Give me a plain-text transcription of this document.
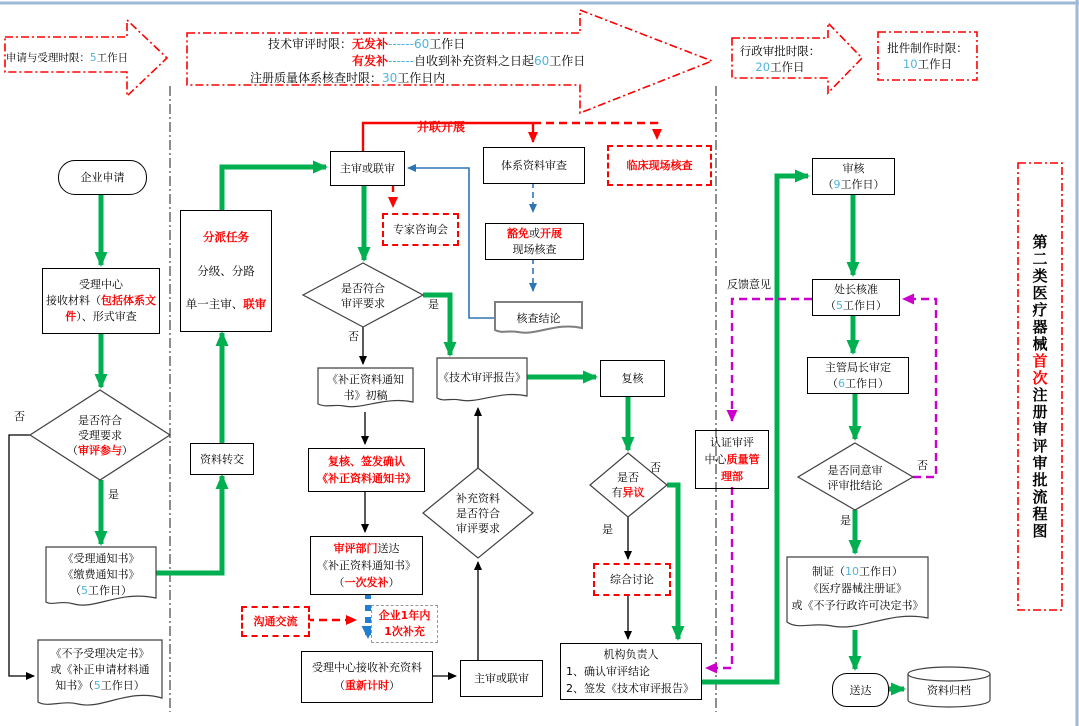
申请与受理时限：5工作日
技术审评时限：无发补------60工作日
有发补------自收到补充资料之日起60工作日
注册质量体系核查时限：30工作日内
行政审批时限：
20工作日
批件制作时限：
10工作日
企业申请
受理中心
接收材料（包括体系文
件）、形式审查
是否符合
受理要求
（审评参与）
否
是
《受理通知书》
《缴费通知书》
（5工作日）
《不予受理决定书》
或《补正申请材料通
知书》（5工作日）
分派任务
分级、分路
单一主审、联审
资料转交
主审或联审
并联开展
体系资料审查	临床现场核查
专家咨询会	豁免或开展
现场核查
核查结论
是否符合
审评要求	是
否
《补正资料通知
书》初稿
复核、签发确认
《补正资料通知书》
审评部门送达
《补正资料通知书》
（一次发补）
沟通交流	企业1年内
1次补充
受理中心接收补充资料
（重新计时）
主审或联审
补充资料
是否符合
审评要求
《技术审评报告》	复核
是否
有异议
否
是
综合讨论
机构负责人
1、确认审评结论
2、签发《技术审评报告》
审核
（9工作日）
处长核准
（5工作日）
主管局长审定
（6工作日）
是否同意审
评审批结论
否
是
制证（10工作日）
《医疗器械注册证》
或《不予行政许可决定书》
送达	资料归档
认证审评
中心质量管
理部
反馈意见	第二类医疗器械首次注册审评审批流程图
